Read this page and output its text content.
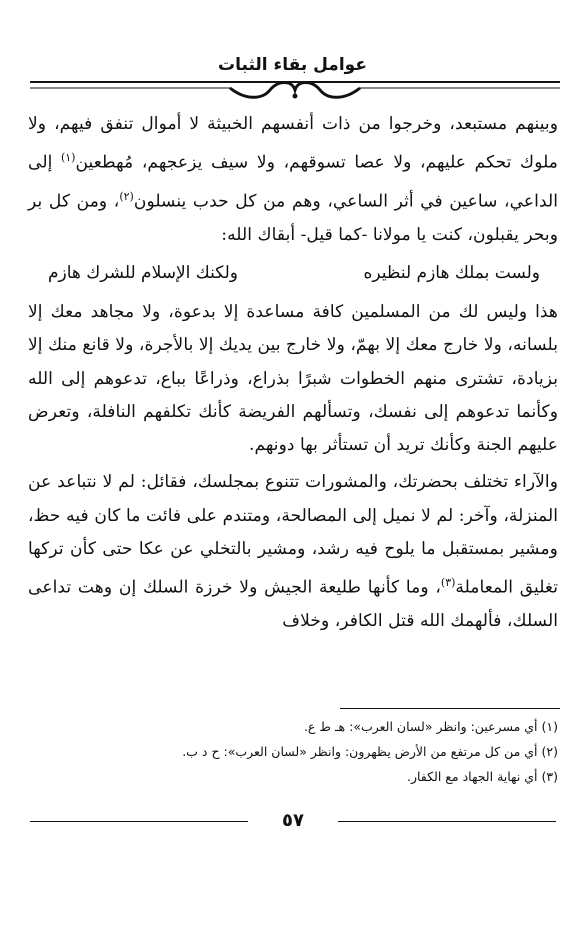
عوامل بقاء الثبات

وبينهم مستبعد، وخرجوا من ذات أنفسهم الخبيثة لا أموال تنفق فيهم، ولا ملوك تحكم عليهم، ولا عصا تسوقهم، ولا سيف يزعجهم، مُهطعين$^{(١)}$ إلى الداعي، ساعين في أثر الساعي، وهم من كل حدب ينسلون$^{(٢)}$، ومن كل بر وبحر يقبلون، كنت يا مولانا -كما قيل- أبقاك الله:

ولست بملك هازم لنظيره
ولكنك الإسلام للشرك هازم

هذا وليس لك من المسلمين كافة مساعدة إلا بدعوة، ولا مجاهد معك إلا بلسانه، ولا خارج معك إلا بهمّ، ولا خارج بين يديك إلا بالأجرة، ولا قانع منك إلا بزيادة، تشترى منهم الخطوات شبرًا بذراع، وذراعًا بباع، تدعوهم إلى الله وكأنما تدعوهم إلى نفسك، وتسألهم الفريضة كأنك تكلفهم النافلة، وتعرض عليهم الجنة وكأنك تريد أن تستأثر بها دونهم.

والآراء تختلف بحضرتك، والمشورات تتنوع بمجلسك، فقائل: لم لا نتباعد عن المنزلة، وآخر: لم لا نميل إلى المصالحة، ومتندم على فائت ما كان فيه حظ، ومشير بمستقبل ما يلوح فيه رشد، ومشير بالتخلي عن عكا حتى كأن تركها تغليق المعاملة$^{(٣)}$، وما كأنها طليعة الجيش ولا خرزة السلك إن وهت تداعى السلك، فألهمك الله قتل الكافر، وخلاف

(١) أي مسرعين: وانظر «لسان العرب»: هـ ط ع.
(٢) أي من كل مرتفع من الأرض يظهرون: وانظر «لسان العرب»: ح د ب.
(٣) أي نهاية الجهاد مع الكفار.
٥٧
